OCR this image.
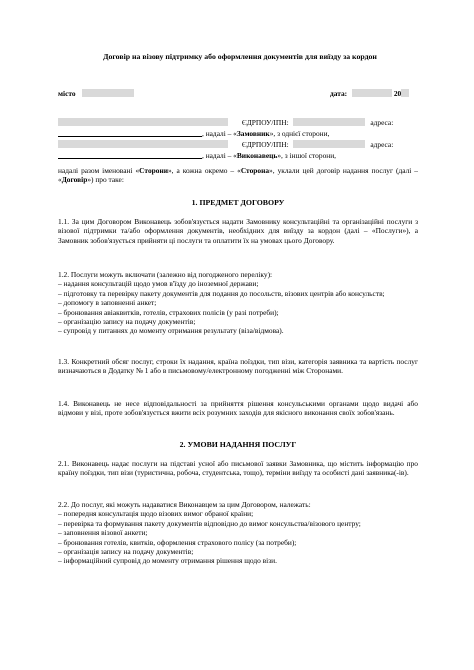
Договір на візову підтримку або оформлення документів для виїзду за кордон
місто	дата:	20
ЄДРПОУ/ІПН:	адреса:
, надалі – «Замовник», з однієї сторони,
ЄДРПОУ/ІПН:	адреса:
, надалі – «Виконавець», з іншої сторони,
надалі разом іменовані «Сторони», а кожна окремо – «Сторона», уклали цей договір надання послуг (далі – «Договір») про таке:
1. ПРЕДМЕТ ДОГОВОРУ
1.1. За цим Договором Виконавець зобов'язується надати Замовнику консультаційні та організаційні послуги з візової підтримки та/або оформлення документів, необхідних для виїзду за кордон (далі – «Послуги»), а Замовник зобов'язується прийняти ці послуги та оплатити їх на умовах цього Договору.

1.2. Послуги можуть включати (залежно від погодженого переліку):

– надання консультацій щодо умов в'їзду до іноземної держави;

– підготовку та перевірку пакету документів для подання до посольств, візових центрів або консульств;

– допомогу в заповненні анкет;

– бронювання авіаквитків, готелів, страхових полісів (у разі потреби);

– організацію запису на подачу документів;

– супровід у питаннях до моменту отримання результату (віза/відмова).

1.3. Конкретний обсяг послуг, строки їх надання, країна поїздки, тип візи, категорія заявника та вартість послуг визначаються в Додатку № 1 або в письмовому/електронному погодженні між Сторонами.
1.4. Виконавець не несе відповідальності за прийняття рішення консульськими органами щодо видачі або відмови у візі, проте зобов'язується вжити всіх розумних заходів для якісного виконання своїх зобов'язань.
2. УМОВИ НАДАННЯ ПОСЛУГ
2.1. Виконавець надає послуги на підставі усної або письмової заявки Замовника, що містить інформацію про країну поїздки, тип візи (туристична, робоча, студентська, тощо), терміни виїзду та особисті дані заявника(-ів).

2.2. До послуг, які можуть надаватися Виконавцем за цим Договором, належать:

– попередня консультація щодо візових вимог обраної країни;

– перевірка та формування пакету документів відповідно до вимог консульства/візового центру;

– заповнення візової анкети;

– бронювання готелів, квитків, оформлення страхового полісу (за потреби);

– організація запису на подачу документів;

– інформаційний супровід до моменту отримання рішення щодо візи.
